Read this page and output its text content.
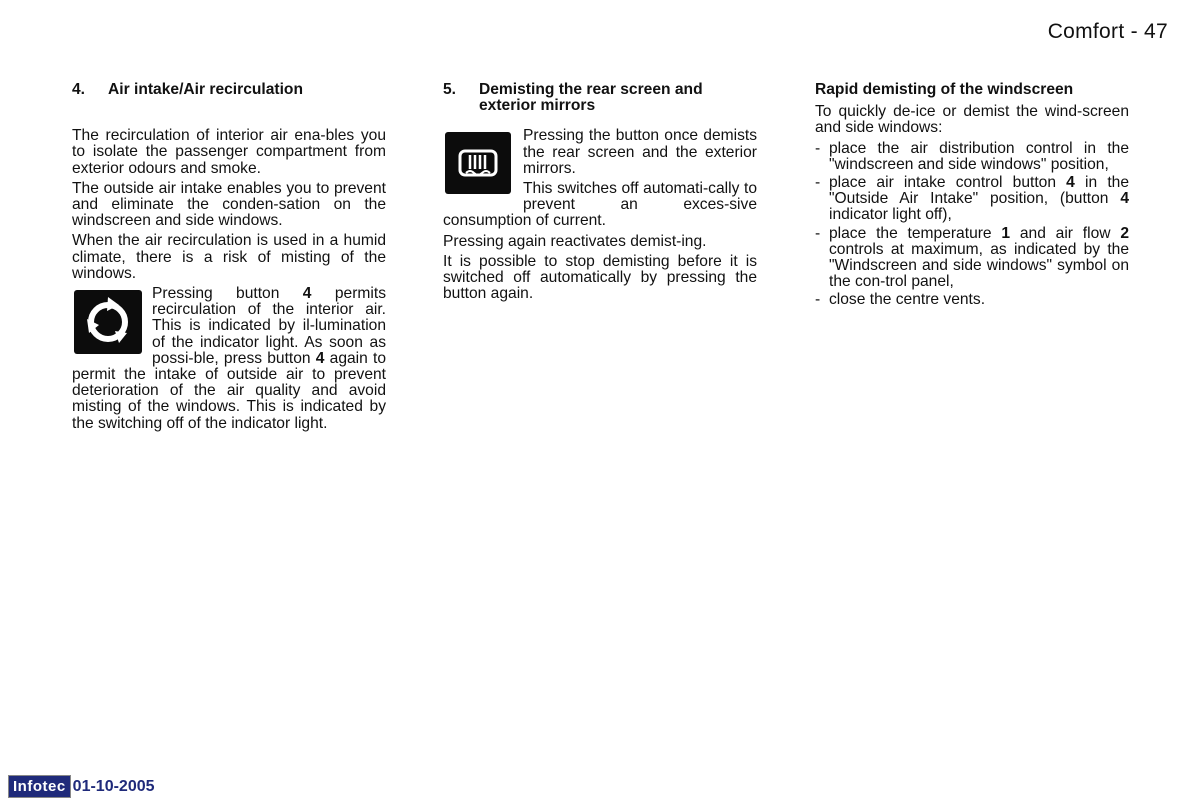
Comfort - 47
4.	Air intake/Air recirculation

The recirculation of interior air ena-bles you to isolate the passenger compartment from exterior odours and smoke.

The outside air intake enables you to prevent and eliminate the conden-sation on the windscreen and side windows.

When the air recirculation is used in a humid climate, there is a risk of misting of the windows.

Pressing button 4 permits recirculation of the interior air. This is indicated by il-lumination of the indicator light. As soon as possi-ble, press button 4 again to permit the intake of outside air to prevent deterioration of the air quality and avoid misting of the windows. This is indicated by the switching off of the indicator light.

5.	Demisting the rear screen and exterior mirrors

Pressing the button once demists the rear screen and the exterior mirrors.

This switches off automati-cally to prevent an exces-sive consumption of current.

Pressing again reactivates demist-ing.

It is possible to stop demisting before it is switched off automatically by pressing the button again.

Rapid demisting of the windscreen

To quickly de-ice or demist the wind-screen and side windows:

- place the air distribution control in the "windscreen and side windows" position,
- place air intake control button 4 in the "Outside Air Intake" position, (button 4 indicator light off),
- place the temperature 1 and air flow 2 controls at maximum, as indicated by the "Windscreen and side windows" symbol on the con-trol panel,
- close the centre vents.
Infotec 01-10-2005
